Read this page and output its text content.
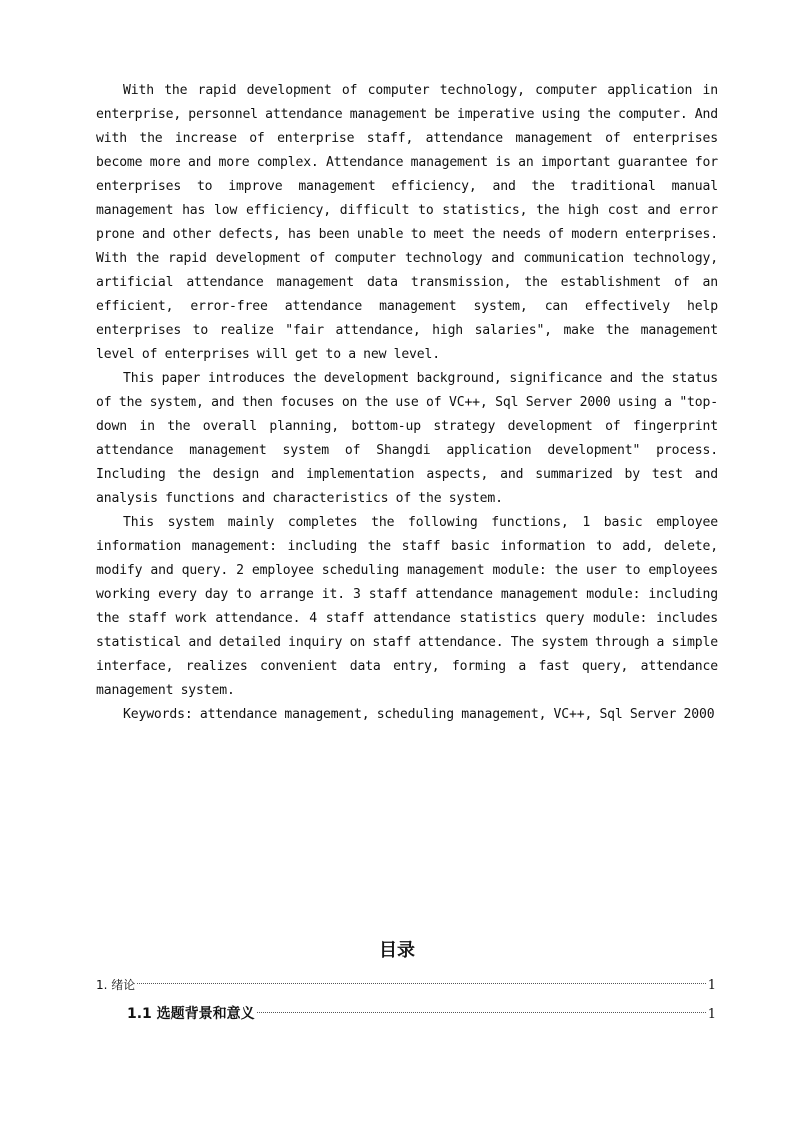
With the rapid development of computer technology, computer application in enterprise, personnel attendance management be imperative using the computer. And with the increase of enterprise staff, attendance management of enterprises become more and more complex. Attendance management is an important guarantee for enterprises to improve management efficiency, and the traditional manual management has low efficiency, difficult to statistics, the high cost and error prone and other defects, has been unable to meet the needs of modern enterprises. With the rapid development of computer technology and communication technology, artificial attendance management data transmission, the establishment of an efficient, error-free attendance management system, can effectively help enterprises to realize "fair attendance, high salaries", make the management level of enterprises will get to a new level.

This paper introduces the development background, significance and the status of the system, and then focuses on the use of VC++, Sql Server 2000 using a "top-down in the overall planning, bottom-up strategy development of fingerprint attendance management system of Shangdi application development" process. Including the design and implementation aspects, and summarized by test and analysis functions and characteristics of the system.

This system mainly completes the following functions, 1 basic employee information management: including the staff basic information to add, delete, modify and query. 2 employee scheduling management module: the user to employees working every day to arrange it. 3 staff attendance management module: including the staff work attendance. 4 staff attendance statistics query module: includes statistical and detailed inquiry on staff attendance. The system through a simple interface, realizes convenient data entry, forming a fast query, attendance management system.

Keywords: attendance management, scheduling management, VC++, Sql Server 2000

目录
1. 绪论	1
1.1 选题背景和意义	1
